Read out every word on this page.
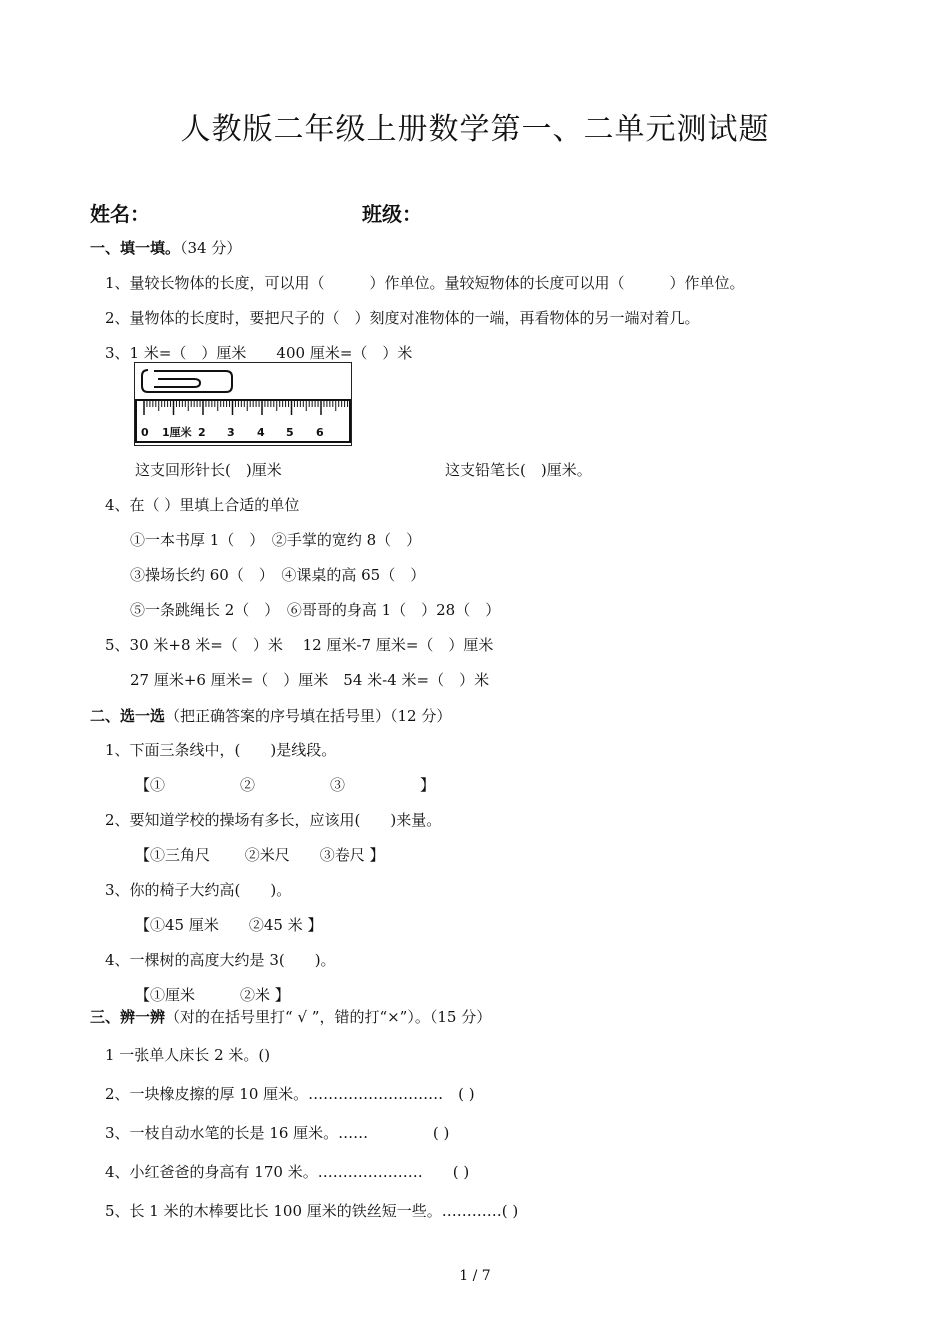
人教版二年级上册数学第一、二单元测试题
姓名：	班级：
一、填一填。（34 分）
1、量较长物体的长度，可以用（　　　）作单位。量较短物体的长度可以用（　　　）作单位。
2、量物体的长度时，要把尺子的（　）刻度对准物体的一端，再看物体的另一端对着几。
3、1 米=（　）厘米　　400 厘米=（　）米
0 1厘米 2 3 4 5 6
这支回形针长(　)厘米	这支铅笔长(　)厘米。
4、在（ ）里填上合适的单位
①一本书厚 1（　）　②手掌的宽约 8（　）
③操场长约 60（　）　④课桌的高 65（　）
⑤一条跳绳长 2（　）　⑥哥哥的身高 1（　）28（　）
5、30 米+8 米=（　）米　 12 厘米-7 厘米=（　）厘米
27 厘米+6 厘米=（　）厘米　54 米-4 米=（　）米
二、选一选（把正确答案的序号填在括号里）（12 分）
1、下面三条线中，(　　)是线段。
【①　　　　　②　　　　　③　　　　　】
2、要知道学校的操场有多长，应该用(　　)来量。
【①三角尺　　 ②米尺　　③卷尺 】
3、你的椅子大约高(　　)。
【①45 厘米　　②45 米 】
4、一棵树的高度大约是 3(　　)。
【①厘米　　　②米 】
三、辨一辨（对的在括号里打“ √ ”，错的打“×”）。（15 分）
1 一张单人床长 2 米。()
2、一块橡皮擦的厚 10 厘米。………………………　( )
3、一枝自动水笔的长是 16 厘米。……　　　　 ( )
4、小红爸爸的身高有 170 米。…………………　　( )
5、长 1 米的木棒要比长 100 厘米的铁丝短一些。…………( )
1 / 7
